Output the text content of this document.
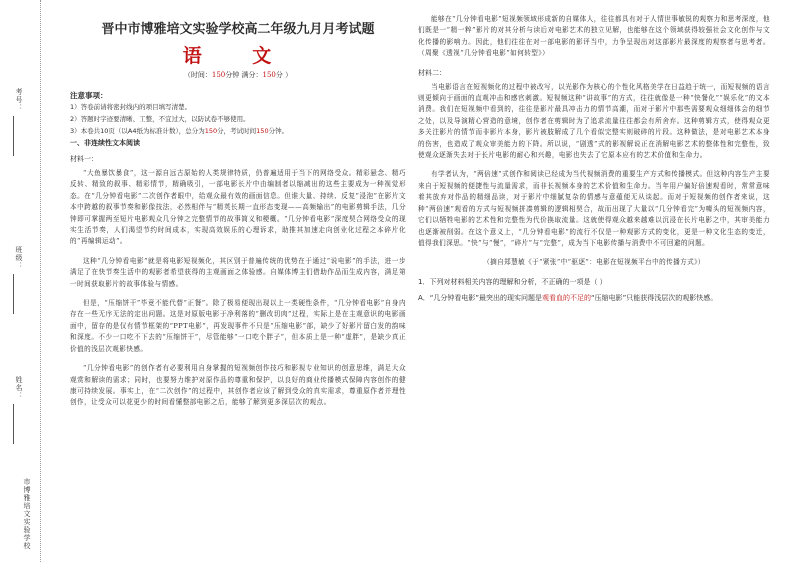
考号：
班级：
姓名：
市博雅培文实验学校
晋中市博雅培文实验学校高二年级九月月考试题
语 文
（时间：150分钟 满分：150分 ）
注意事项：

1）答卷前请将密封线内的项目填写清楚。

2）答题时字迹要清晰、工整，不宜过大，以防试卷不够使用。

3）本卷共10页（以A4纸为标准计数），总分为150分，考试时间150分钟。

一、非连续性文本阅读
材料一：

“大鱼暴饮暴食”，这一源自远古原始的人类规律特质，仍普遍适用于当下的网络受众。精彩悬念、精巧反转、精致的叙事、精彩情节，精确吸引，一部电影长片中由编制者以缩减出的这些主要成为一种视觉形态。在“几分钟看电影”二次创作者眼中，给观众最有效的画面信息。但谁大量、持续、反复“浸泡”在影片文本中跨越的叙事节奏和影像技法，必然相伴与“精英长期一直形态变现——高频输出”的电影剪辑手法，几分钟即可掌握两至短片电影观众几分钟之完整情节的故事简义和梗概。“几分钟看电影”深度契合网络受众的现实生活节奏，人们渴望节约时间成本，实现高效娱乐的心理诉求，助推其加速走向创业化过程之本碎片化的“再编辑运动”。

这种“几分钟看电影”就是将电影短视频化，其区别于普遍传统的优势在于通过“说电影”的手法，进一步满足了在快节奏生活中的观影者希望获得的主观画面之体验感。自媒体博主们借助作品而生成内容，满足第一时间获取影片的故事体验与情感。

但是，“压缩饼干”毕竟不能代替“正餐”。除了极易便现出现以上一类硬性条件，“几分钟看电影”自身内存在一些无序无法的定出问题。这是对原版电影于净利落的“删改切肉”过程，实际上是在主观意识的电影画面中，留存的是仅有情节框架的“PPT电影”，再发现事件不只是“压缩电影”部，缺少了好影片留白发的韵味和深度。不少一口吃不下去的“压缩饼干”，尽管能够“一口吃个胖子”，但本质上是一种“虚胖”，是缺少真正价值的浅层次观影快感。

“几分钟看电影”的创作者有必要利用自身掌握的短视频创作技巧和影视专业知识的创意思维，满足大众观赏和解读的需求；同时，也要努力维护对原作品的尊重和保护，以良好的商业传播模式保障内容创作的健康可持续发展。事实上，在“二次创作”的过程中，其创作者应该了解到受众的真实需求，尊重原作者并理性创作，让受众可以花更少的时间看懂整部电影之后，能够了解到更多深层次的观点。

能够在“几分钟看电影”短视频领域形成新的自媒体人，往往都具有对于人情世事敏锐的观察力和思考深度，他们既是一“精一粹”影片的对其分析与读后对电影艺术的独立见解，也能够在这个领域获得较强社会文化创作与文化传播的影响力。因此，他们往往在对一部电影的影评当中，力争呈现出对这部影片最深度的观察者与思考者。（周聚《透视“几分钟看电影”如何转型》）

材料二：

当电影语言在短视频化的过程中被改写，以光影作为核心的个性化风格美学在日益趋于统一，而短视频的语言则更倾向于画面的直观冲击和感官刺激。短视频这种“讲故事”的方式，往往就像是一种“快餐化”“娱乐化”的文本消费。我们在短视频中看到的，往往是影片最具冲击力的情节高潮，而对于影片中那些需要观众细细体会的细节之处，以及导演精心营造的意境，创作者在剪辑时为了追求流量往往都会有所舍弃。这种剪辑方式，使得观众更多关注影片的情节而非影片本身，影片被肢解成了几个看似完整实则破碎的片段。这种做法，是对电影艺术本身的伤害，也造成了观众审美能力的下降。所以说，“剧透”式的影视解说正在消解电影艺术的整体性和完整性，致使观众逐渐失去对于长片电影的耐心和兴趣，电影也失去了它原本应有的艺术价值和生命力。

有学者认为，“两倍速”式创作和阅读已经成为当代视频消费的重要生产方式和传播模式。但这种内容生产主要来自于短视频的便捷性与流量需求，而非长视频本身的艺术价值和生命力。当年用户偏好倍速观看时，常常意味着其放弃对作品的精细品读，对于影片中细腻复杂的情感与意蕴便无从谈起。而对于短视频的创作者来说，这种“两倍速”观看的方式与短视频拼凑剪辑的逻辑相契合，故而出现了大量以“几分钟看完”为噱头的短视频内容，它们以牺牲电影的艺术性和完整性为代价换取流量。这就使得观众越来越难以沉浸在长片电影之中，其审美能力也逐渐被削弱。在这个意义上，“几分钟看电影”的流行不仅是一种观影方式的变化，更是一种文化生态的变迁，值得我们深思。“快”与“慢”，“碎片”与“完整”，成为当下电影传播与消费中不可回避的问题。

（摘自郑慧敏《于“紧张”中“驱逐”：电影在短视频平台中的传播方式》）
1．下列对材料相关内容的理解和分析，不正确的一项是（ ）

A．“几分钟看电影”最突出的现实问题是观看血的不足的“压缩电影”只能获得浅层次的观影快感。
